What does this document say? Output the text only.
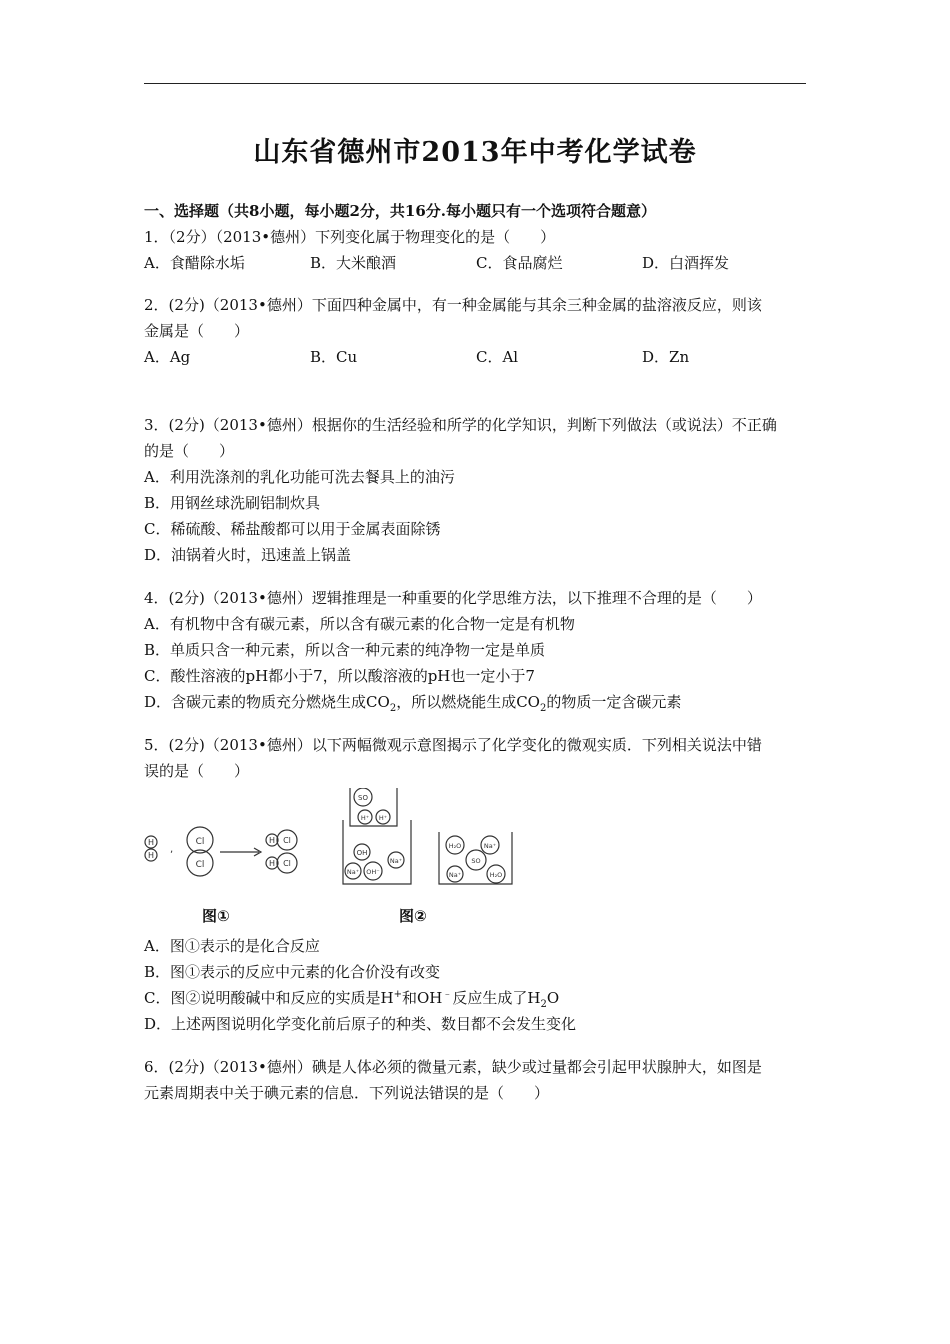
山东省德州市2013年中考化学试卷

一、选择题（共8小题，每小题2分，共16分.每小题只有一个选项符合题意）

1．（2分）（2013•德州）下列变化属于物理变化的是（　　）

A．食醋除水垢	B．大米酿酒	C．食品腐烂	D．白酒挥发

2．(2分)（2013•德州）下面四种金属中，有一种金属能与其余三种金属的盐溶液反应，则该

金属是（　　）

A．Ag	B．Cu	C．Al	D．Zn

3．(2分)（2013•德州）根据你的生活经验和所学的化学知识，判断下列做法（或说法）不正确

的是（　　）

A．利用洗涤剂的乳化功能可洗去餐具上的油污

B．用钢丝球洗刷铝制炊具

C．稀硫酸、稀盐酸都可以用于金属表面除锈

D．油锅着火时，迅速盖上锅盖

4．(2分)（2013•德州）逻辑推理是一种重要的化学思维方法，以下推理不合理的是（　　）

A．有机物中含有碳元素，所以含有碳元素的化合物一定是有机物

B．单质只含一种元素，所以含一种元素的纯净物一定是单质

C．酸性溶液的pH都小于7，所以酸溶液的pH也一定小于7

D．含碳元素的物质充分燃烧生成$CO_2$，所以燃烧能生成$CO_2$的物质一定含碳元素

5．(2分)（2013•德州）以下两幅微观示意图揭示了化学变化的微观实质．下列相关说法中错

误的是（　　）

H
H
,
Cl
Cl
H Cl
H Cl
SO
H⁺ H⁺
OH
Na⁺ OH⁻
Na⁺
H₂O	Na⁺
SO
Na⁺	H₂O
图①	图②

A．图①表示的是化合反应

B．图①表示的反应中元素的化合价没有改变

C．图②说明酸碱中和反应的实质是H+和OH﹣反应生成了$H_2O$

D．上述两图说明化学变化前后原子的种类、数目都不会发生变化

6．(2分)（2013•德州）碘是人体必须的微量元素，缺少或过量都会引起甲状腺肿大，如图是

元素周期表中关于碘元素的信息．下列说法错误的是（　　）
